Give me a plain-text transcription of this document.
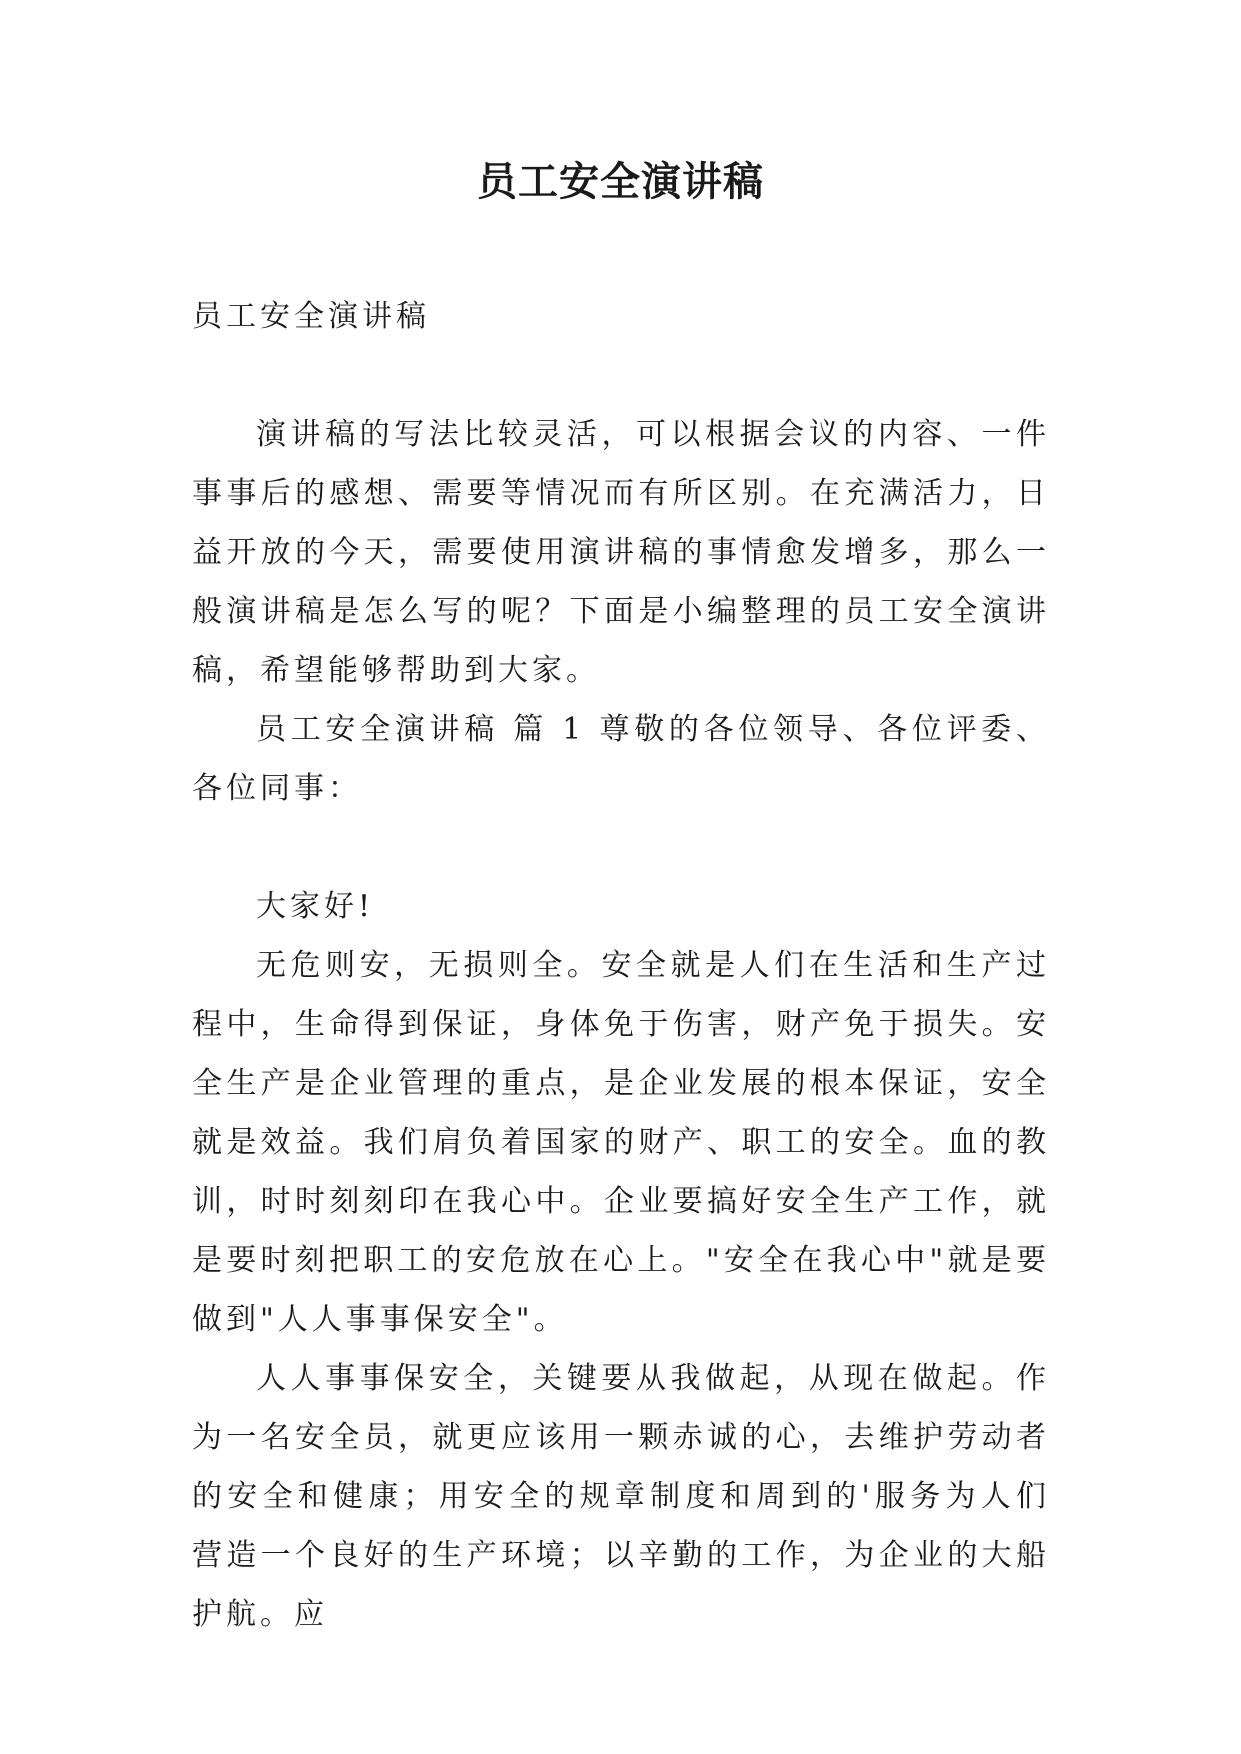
员工安全演讲稿

员工安全演讲稿

演讲稿的写法比较灵活，可以根据会议的内容、一件事事后的感想、需要等情况而有所区别。在充满活力，日益开放的今天，需要使用演讲稿的事情愈发增多，那么一般演讲稿是怎么写的呢？下面是小编整理的员工安全演讲稿，希望能够帮助到大家。

员工安全演讲稿 篇 1 尊敬的各位领导、各位评委、各位同事：

大家好!

无危则安，无损则全。安全就是人们在生活和生产过程中，生命得到保证，身体免于伤害，财产免于损失。安全生产是企业管理的重点，是企业发展的根本保证，安全就是效益。我们肩负着国家的财产、职工的安全。血的教训，时时刻刻印在我心中。企业要搞好安全生产工作，就是要时刻把职工的安危放在心上。"安全在我心中"就是要做到"人人事事保安全"。

人人事事保安全，关键要从我做起，从现在做起。作为一名安全员，就更应该用一颗赤诚的心，去维护劳动者的安全和健康；用安全的规章制度和周到的'服务为人们营造一个良好的生产环境；以辛勤的工作，为企业的大船护航。应
